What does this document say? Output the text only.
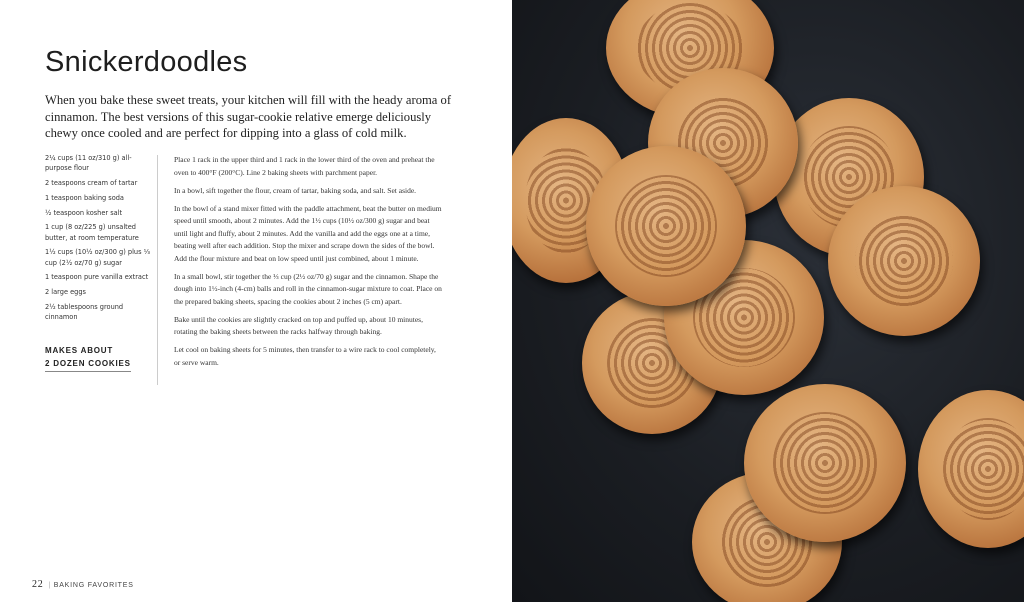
Snickerdoodles

When you bake these sweet treats, your kitchen will fill with the heady aroma of cinnamon. The best versions of this sugar-cookie relative emerge deliciously chewy once cooled and are perfect for dipping into a glass of cold milk.

2¼ cups (11 oz/310 g) all-purpose flour
2 teaspoons cream of tartar
1 teaspoon baking soda
½ teaspoon kosher salt
1 cup (8 oz/225 g) unsalted butter, at room temperature
1½ cups (10½ oz/300 g) plus ⅓ cup (2½ oz/70 g) sugar
1 teaspoon pure vanilla extract
2 large eggs
2½ tablespoons ground cinnamon
MAKES ABOUT
2 DOZEN COOKIES

Place 1 rack in the upper third and 1 rack in the lower third of the oven and preheat the oven to 400°F (200°C). Line 2 baking sheets with parchment paper.

In a bowl, sift together the flour, cream of tartar, baking soda, and salt. Set aside.

In the bowl of a stand mixer fitted with the paddle attachment, beat the butter on medium speed until smooth, about 2 minutes. Add the 1½ cups (10½ oz/300 g) sugar and beat until light and fluffy, about 2 minutes. Add the vanilla and add the eggs one at a time, beating well after each addition. Stop the mixer and scrape down the sides of the bowl. Add the flour mixture and beat on low speed until just combined, about 1 minute.

In a small bowl, stir together the ⅓ cup (2½ oz/70 g) sugar and the cinnamon. Shape the dough into 1½-inch (4-cm) balls and roll in the cinnamon-sugar mixture to coat. Place on the prepared baking sheets, spacing the cookies about 2 inches (5 cm) apart.

Bake until the cookies are slightly cracked on top and puffed up, about 10 minutes, rotating the baking sheets between the racks halfway through baking.

Let cool on baking sheets for 5 minutes, then transfer to a wire rack to cool completely, or serve warm.

22 | BAKING FAVORITES
